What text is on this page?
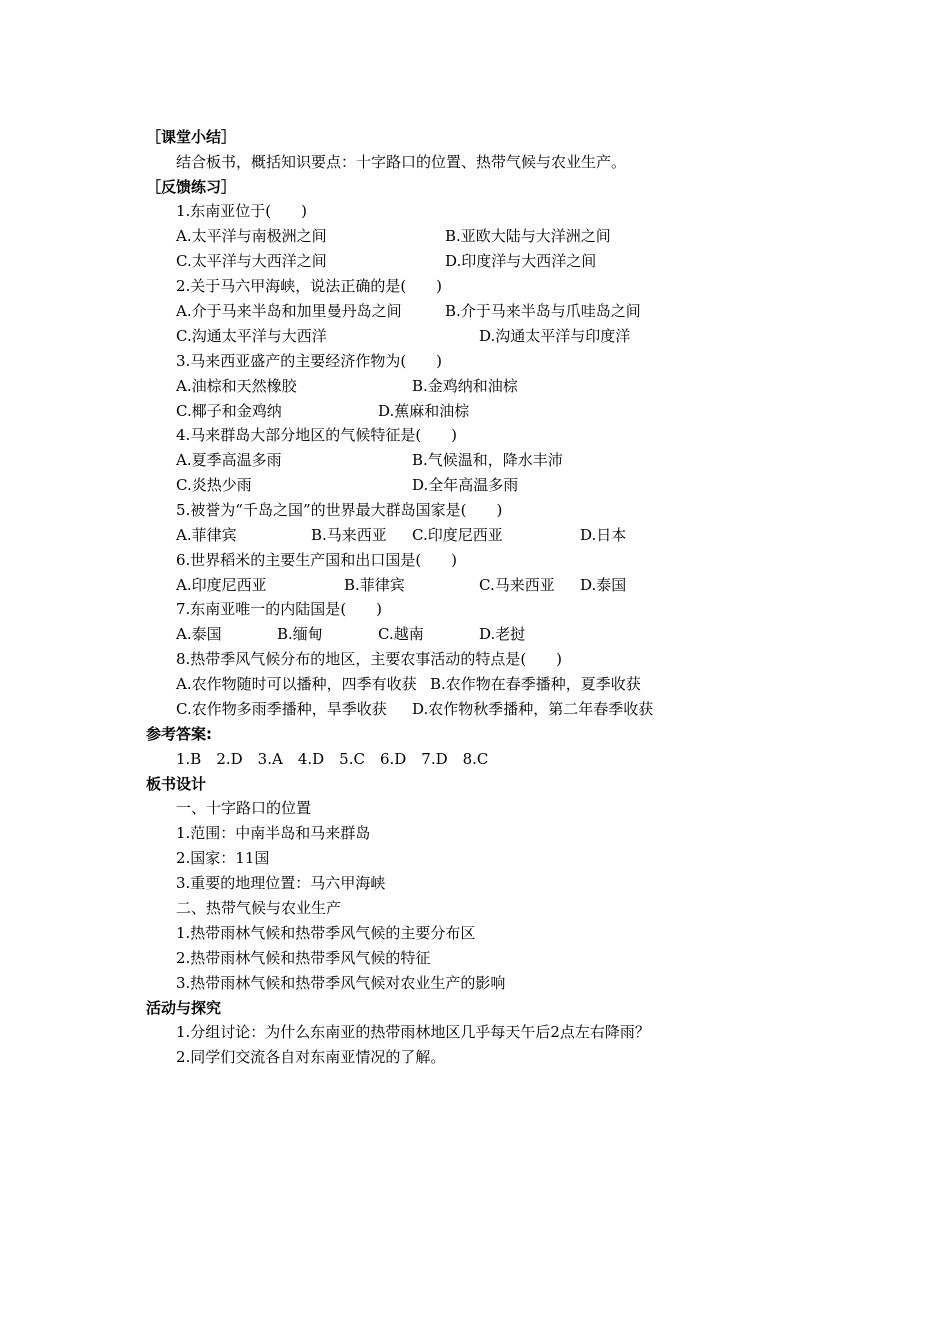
［课堂小结］
结合板书，概括知识要点：十字路口的位置、热带气候与农业生产。
［反馈练习］
1.东南亚位于(　　)
A.太平洋与南极洲之间	B.亚欧大陆与大洋洲之间
C.太平洋与大西洋之间	D.印度洋与大西洋之间
2.关于马六甲海峡，说法正确的是(　　)
A.介于马来半岛和加里曼丹岛之间	B.介于马来半岛与爪哇岛之间
C.沟通太平洋与大西洋	D.沟通太平洋与印度洋
3.马来西亚盛产的主要经济作物为(　　)
A.油棕和天然橡胶	B.金鸡纳和油棕
C.椰子和金鸡纳	D.蕉麻和油棕
4.马来群岛大部分地区的气候特征是(　　)
A.夏季高温多雨	B.气候温和，降水丰沛
C.炎热少雨	D.全年高温多雨
5.被誉为“千岛之国”的世界最大群岛国家是(　　)
A.菲律宾	B.马来西亚 C.印度尼西亚	D.日本
6.世界稻米的主要生产国和出口国是(　　)
A.印度尼西亚	B.菲律宾	C.马来西亚 D.泰国
7.东南亚唯一的内陆国是(　　)
A.泰国	B.缅甸	C.越南	D.老挝
8.热带季风气候分布的地区，主要农事活动的特点是(　　)
A.农作物随时可以播种，四季有收获 B.农作物在春季播种，夏季收获
C.农作物多雨季播种，旱季收获 D.农作物秋季播种，第二年春季收获
参考答案:
1.B　2.D　3.A　4.D　5.C　6.D　7.D　8.C
板书设计
一、十字路口的位置
1.范围：中南半岛和马来群岛
2.国家：11国
3.重要的地理位置：马六甲海峡
二、热带气候与农业生产
1.热带雨林气候和热带季风气候的主要分布区
2.热带雨林气候和热带季风气候的特征
3.热带雨林气候和热带季风气候对农业生产的影响
活动与探究
1.分组讨论：为什么东南亚的热带雨林地区几乎每天午后2点左右降雨？
2.同学们交流各自对东南亚情况的了解。
